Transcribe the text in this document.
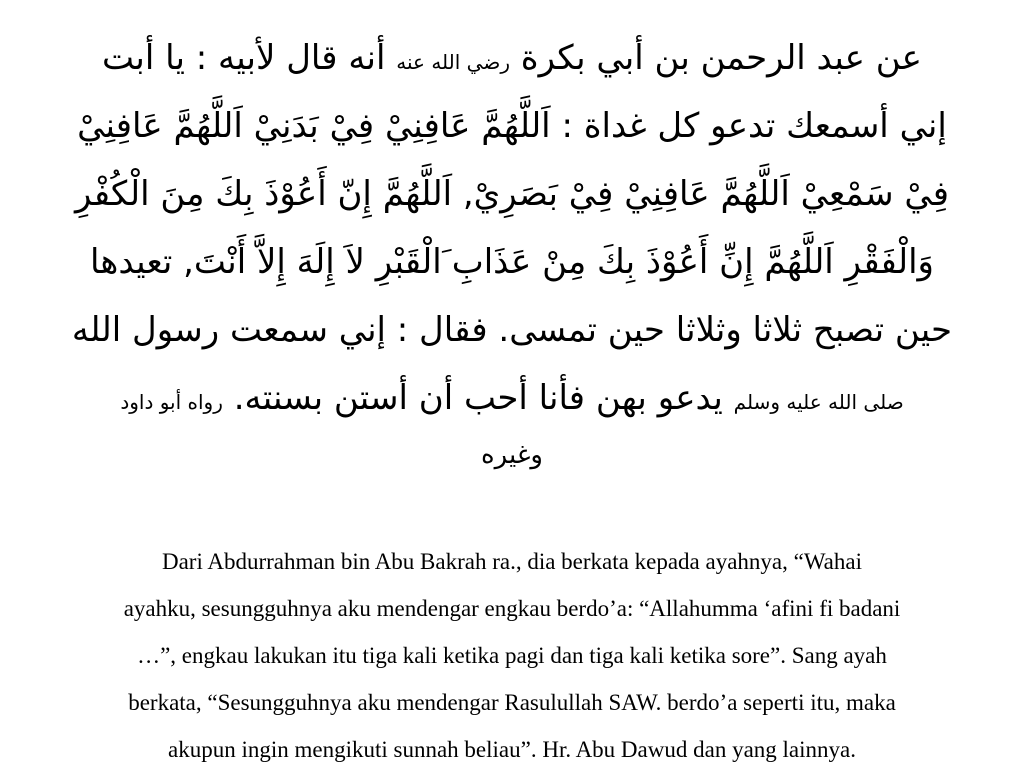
عن عبد الرحمن بن أبي بكرة رضي الله عنه أنه قال لأبيه : يا أبت
إني أسمعك تدعو كل غداة : اَللَّهُمَّ عَافِنِيْ فِيْ بَدَنِيْ اَللَّهُمَّ عَافِنِيْ
فِيْ سَمْعِيْ اَللَّهُمَّ عَافِنِيْ فِيْ بَصَرِيْ, اَللَّهُمَّ إِنّ أَعُوْذَ بِكَ مِنَ الْكُفْرِ
وَالْفَقْرِ اَللَّهُمَّ إِنِّ أَعُوْذَ بِكَ مِنْ عَذَابِ َالْقَبْرِ لاَ إِلَهَ إِلاَّ أَنْتَ, تعيدها
حين تصبح ثلاثا وثلاثا حين تمسى. فقال : إني سمعت رسول الله
صلى الله عليه وسلم يدعو بهن فأنا أحب أن أستن بسنته. رواه أبو داود
وغيره
Dari Abdurrahman bin Abu Bakrah ra., dia berkata kepada ayahnya, “Wahai
ayahku, sesungguhnya aku mendengar engkau berdo’a: “Allahumma ‘afini fi badani
…”, engkau lakukan itu tiga kali ketika pagi dan tiga kali ketika sore”. Sang ayah
berkata, “Sesungguhnya aku mendengar Rasulullah SAW. berdo’a seperti itu, maka
akupun ingin mengikuti sunnah beliau”. Hr. Abu Dawud dan yang lainnya.
